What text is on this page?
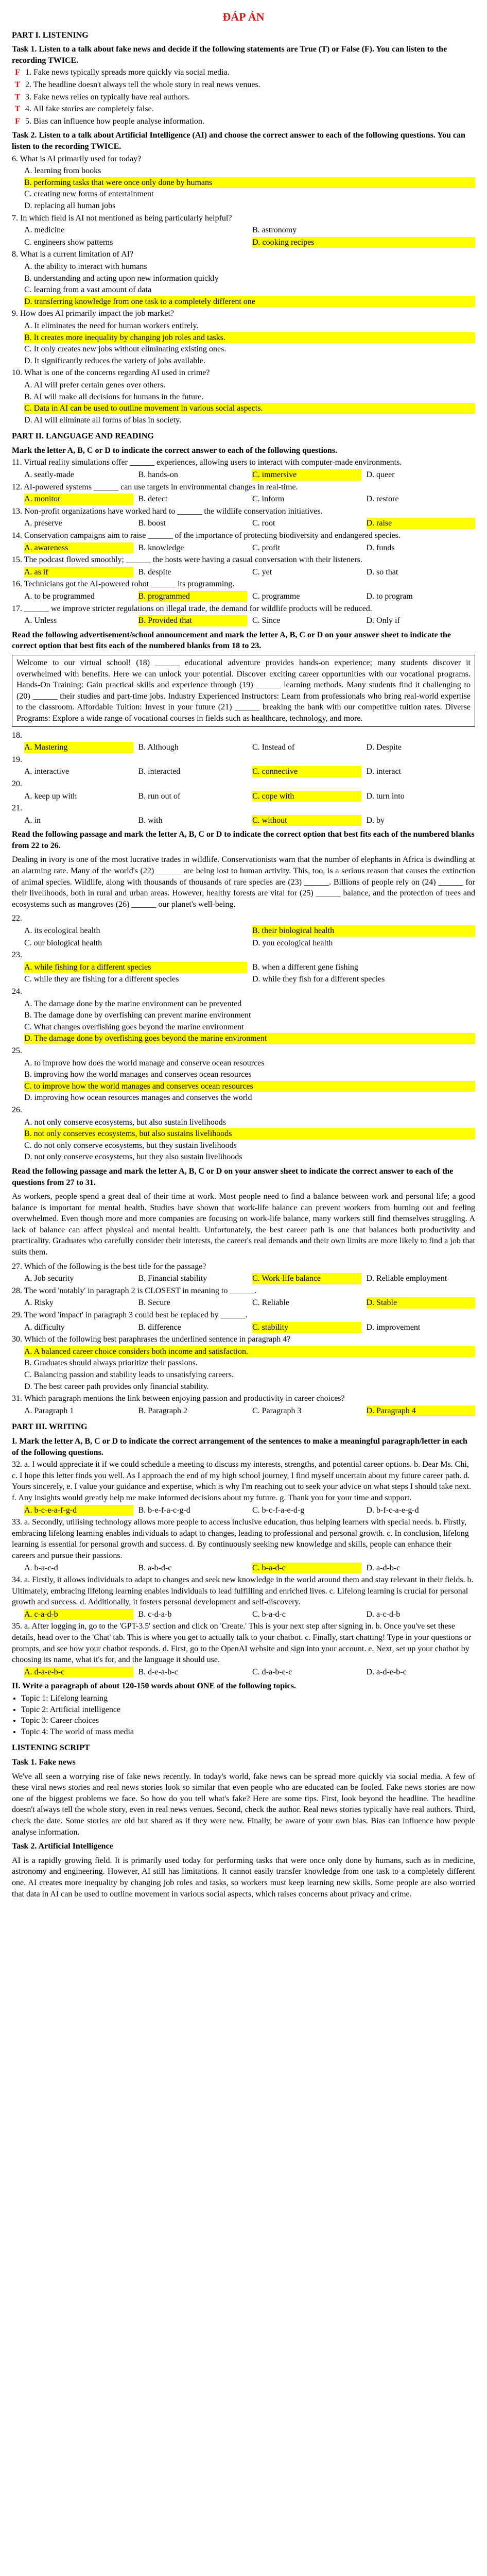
ĐÁP ÁN
PART I. LISTENING
Task 1. Listen to a talk about fake news and decide if the following statements are True (T) or False (F). You can listen to the recording TWICE.
F 1. Fake news typically spreads more quickly via social media.
T 2. The headline doesn't always tell the whole story in real news venues.
T 3. Fake news relies on typically have real authors.
T 4. All fake stories are completely false.
F 5. Bias can influence how people analyse information.
Task 2. Listen to a talk about Artificial Intelligence (AI) and choose the correct answer to each of the following questions. You can listen to the recording TWICE.
6. What is AI primarily used for today?
A. learning from books
B. performing tasks that were once only done by humans
C. creating new forms of entertainment
D. replacing all human jobs
7. In which field is AI not mentioned as being particularly helpful?
A. medicine	B. astronomy
C. engineers show patterns	D. cooking recipes
8. What is a current limitation of AI?
A. the ability to interact with humans
B. understanding and acting upon new information quickly
C. learning from a vast amount of data
D. transferring knowledge from one task to a completely different one
9. How does AI primarily impact the job market?
A. It eliminates the need for human workers entirely.
B. It creates more inequality by changing job roles and tasks.
C. It only creates new jobs without eliminating existing ones.
D. It significantly reduces the variety of jobs available.
10. What is one of the concerns regarding AI used in crime?
A. AI will prefer certain genes over others.
B. AI will make all decisions for humans in the future.
C. Data in AI can be used to outline movement in various social aspects.
D. AI will eliminate all forms of bias in society.
PART II. LANGUAGE AND READING
Mark the letter A, B, C or D to indicate the correct answer to each of the following questions.
11. Virtual reality simulations offer ______ experiences, allowing users to interact with computer-made environments.
A. seatly-made	B. hands-on	C. immersive	D. queer
12. AI-powered systems ______ can use targets in environmental changes in real-time.
A. monitor	B. detect	C. inform	D. restore
13. Non-profit organizations have worked hard to ______ the wildlife conservation initiatives.
A. preserve	B. boost	C. root	D. raise
14. Conservation campaigns aim to raise ______ of the importance of protecting biodiversity and endangered species.
A. awareness	B. knowledge	C. profit	D. funds
15. The podcast flowed smoothly; ______ the hosts were having a casual conversation with their listeners.
A. as if	B. despite	C. yet	D. so that
16. Technicians got the AI-powered robot ______ its programming.
A. to be programmed	B. programmed	C. programme	D. to program
17. ______ we improve stricter regulations on illegal trade, the demand for wildlife products will be reduced.
A. Unless	B. Provided that	C. Since	D. Only if
Read the following advertisement/school announcement and mark the letter A, B, C or D on your answer sheet to indicate the correct option that best fits each of the numbered blanks from 18 to 23.
Welcome to our virtual school! (18) ______ educational adventure provides hands-on experience; many students discover it overwhelmed with benefits. Here we can unlock your potential. Discover exciting career opportunities with our vocational programs. Hands-On Training: Gain practical skills and experience through (19) ______ learning methods. Many students find it challenging to (20) ______ their studies and part-time jobs. Industry Experienced Instructors: Learn from professionals who bring real-world expertise to the classroom. Affordable Tuition: Invest in your future (21) ______ breaking the bank with our competitive tuition rates. Diverse Programs: Explore a wide range of vocational courses in fields such as healthcare, technology, and more.
18.
A. Mastering	B. Although	C. Instead of	D. Despite
19.
A. interactive	B. interacted	C. connective	D. interact
20.
A. keep up with	B. run out of	C. cope with	D. turn into
21.
A. in	B. with	C. without	D. by
Read the following passage and mark the letter A, B, C or D to indicate the correct option that best fits each of the numbered blanks from 22 to 26.
Dealing in ivory is one of the most lucrative trades in wildlife. Conservationists warn that the number of elephants in Africa is dwindling at an alarming rate. Many of the world's (22) ______ are being lost to human activity. This, too, is a serious reason that causes the extinction of animal species. Wildlife, along with thousands of thousands of rare species are (23) ______. Billions of people rely on (24) ______ for their livelihoods, both in rural and urban areas. However, healthy forests are vital for (25) ______ balance, and the protection of trees and ecosystems such as mangroves (26) ______ our planet's well-being.
22.
A. its ecological health	B. their biological health
C. our biological health	D. you ecological health
23.
A. while fishing for a different species	B. when a different gene fishing
C. while they are fishing for a different species	D. while they fish for a different species
24.
A. The damage done by the marine environment can be prevented
B. The damage done by overfishing can prevent marine environment
C. What changes overfishing goes beyond the marine environment
D. The damage done by overfishing goes beyond the marine environment
25.
A. to improve how does the world manage and conserve ocean resources
B. improving how the world manages and conserves ocean resources
C. to improve how the world manages and conserves ocean resources
D. improving how ocean resources manages and conserves the world
26.
A. not only conserve ecosystems, but also sustain livelihoods
B. not only conserves ecosystems, but also sustains livelihoods
C. do not only conserve ecosystems, but they sustain livelihoods
D. not only conserve ecosystems, but they also sustain livelihoods
Read the following passage and mark the letter A, B, C or D on your answer sheet to indicate the correct answer to each of the questions from 27 to 31.
As workers, people spend a great deal of their time at work. Most people need to find a balance between work and personal life; a good balance is important for mental health. Studies have shown that work-life balance can prevent workers from burning out and feeling overwhelmed. Even though more and more companies are focusing on work-life balance, many workers still find themselves struggling. A lack of balance can affect physical and mental health. Unfortunately, the best career path is one that balances both productivity and practicality. Graduates who carefully consider their interests, the career's real demands and their own limits are more likely to find a job that suits them.
27. Which of the following is the best title for the passage?
A. Job security	B. Financial stability	C. Work-life balance	D. Reliable employment
28. The word 'notably' in paragraph 2 is CLOSEST in meaning to ______.
A. Risky	B. Secure	C. Reliable	D. Stable
29. The word 'impact' in paragraph 3 could best be replaced by ______.
A. difficulty	B. difference	C. stability	D. improvement
30. Which of the following best paraphrases the underlined sentence in paragraph 4?
A. A balanced career choice considers both income and satisfaction.
B. Graduates should always prioritize their passions.
C. Balancing passion and stability leads to unsatisfying careers.
D. The best career path provides only financial stability.
31. Which paragraph mentions the link between enjoying passion and productivity in career choices?
A. Paragraph 1	B. Paragraph 2	C. Paragraph 3	D. Paragraph 4
PART III. WRITING
I. Mark the letter A, B, C or D to indicate the correct arrangement of the sentences to make a meaningful paragraph/letter in each of the following questions.
32. a. I would appreciate it if we could schedule a meeting to discuss my interests, strengths, and potential career options. b. Dear Ms. Chi, c. I hope this letter finds you well. As I approach the end of my high school journey, I find myself uncertain about my future career path. d. Yours sincerely, e. I value your guidance and expertise, which is why I'm reaching out to seek your advice on what steps I should take next. f. Any insights would greatly help me make informed decisions about my future. g. Thank you for your time and support.
A. b-c-e-a-f-g-d	B. b-e-f-a-c-g-d	C. b-c-f-a-e-d-g	D. b-f-c-a-e-g-d
33. a. Secondly, utilising technology allows more people to access inclusive education, thus helping learners with special needs. b. Firstly, embracing lifelong learning enables individuals to adapt to changes, leading to professional and personal growth. c. In conclusion, lifelong learning is essential for personal growth and success. d. By continuously seeking new knowledge and skills, people can enhance their careers and pursue their passions.
A. b-a-c-d	B. a-b-d-c	C. b-a-d-c	D. a-d-b-c
34. a. Firstly, it allows individuals to adapt to changes and seek new knowledge in the world around them and stay relevant in their fields. b. Ultimately, embracing lifelong learning enables individuals to lead fulfilling and enriched lives. c. Lifelong learning is crucial for personal growth and success. d. Additionally, it fosters personal development and self-discovery.
A. c-a-d-b	B. c-d-a-b	C. b-a-d-c	D. a-c-d-b
35. a. After logging in, go to the 'GPT-3.5' section and click on 'Create.' This is your next step after signing in. b. Once you've set these details, head over to the 'Chat' tab. This is where you get to actually talk to your chatbot. c. Finally, start chatting! Type in your questions or prompts, and see how your chatbot responds. d. First, go to the OpenAI website and sign into your account. e. Next, set up your chatbot by choosing its name, what it's for, and the language it should use.
A. d-a-e-b-c	B. d-e-a-b-c	C. d-a-b-e-c	D. a-d-e-b-c
II. Write a paragraph of about 120-150 words about ONE of the following topics.
• Topic 1: Lifelong learning
• Topic 2: Artificial intelligence
• Topic 3: Career choices
• Topic 4: The world of mass media
LISTENING SCRIPT
Task 1. Fake news
We've all seen a worrying rise of fake news recently. In today's world, fake news can be spread more quickly via social media. A few of these viral news stories and real news stories look so similar that even people who are educated can be fooled. Fake news stories are now one of the biggest problems we face. So how do you tell what's fake? Here are some tips. First, look beyond the headline. The headline doesn't always tell the whole story, even in real news venues. Second, check the author. Real news stories typically have real authors. Third, check the date. Some stories are old but shared as if they were new. Finally, be aware of your own bias. Bias can influence how people analyse information.
Task 2. Artificial Intelligence
AI is a rapidly growing field. It is primarily used today for performing tasks that were once only done by humans, such as in medicine, astronomy and engineering. However, AI still has limitations. It cannot easily transfer knowledge from one task to a completely different one. AI creates more inequality by changing job roles and tasks, so workers must keep learning new skills. Some people are also worried that data in AI can be used to outline movement in various social aspects, which raises concerns about privacy and crime.
